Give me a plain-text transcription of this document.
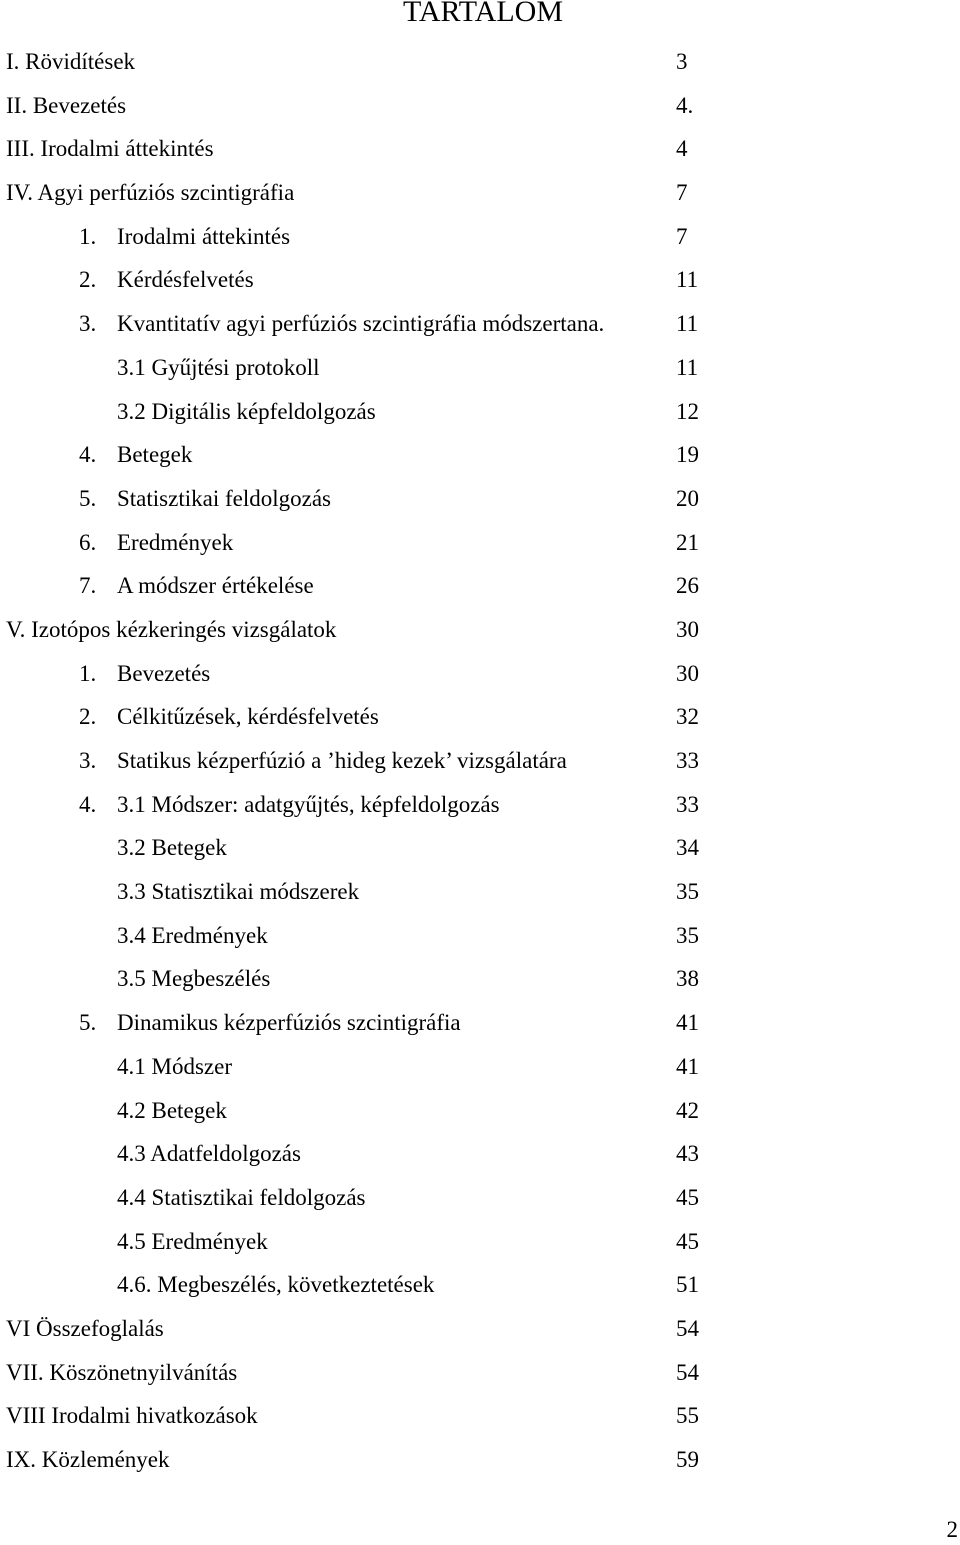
TARTALOM
I. Rövidítések	3
II. Bevezetés	4.
III. Irodalmi áttekintés	4
IV. Agyi perfúziós szcintigráfia	7
1. Irodalmi áttekintés	7
2. Kérdésfelvetés	11
3. Kvantitatív agyi perfúziós szcintigráfia módszertana.	11
3.1 Gyűjtési protokoll	11
3.2 Digitális képfeldolgozás	12
4. Betegek	19
5. Statisztikai feldolgozás	20
6. Eredmények	21
7. A módszer értékelése	26
V. Izotópos kézkeringés vizsgálatok	30
1. Bevezetés	30
2. Célkitűzések, kérdésfelvetés	32
3. Statikus kézperfúzió a ’hideg kezek’ vizsgálatára	33
4. 3.1 Módszer: adatgyűjtés, képfeldolgozás	33
3.2 Betegek	34
3.3 Statisztikai módszerek	35
3.4 Eredmények	35
3.5 Megbeszélés	38
5. Dinamikus kézperfúziós szcintigráfia	41
4.1 Módszer	41
4.2 Betegek	42
4.3 Adatfeldolgozás	43
4.4 Statisztikai feldolgozás	45
4.5 Eredmények	45
4.6. Megbeszélés, következtetések	51
VI Összefoglalás	54
VII. Köszönetnyilvánítás	54
VIII Irodalmi hivatkozások	55
IX. Közlemények	59
2
